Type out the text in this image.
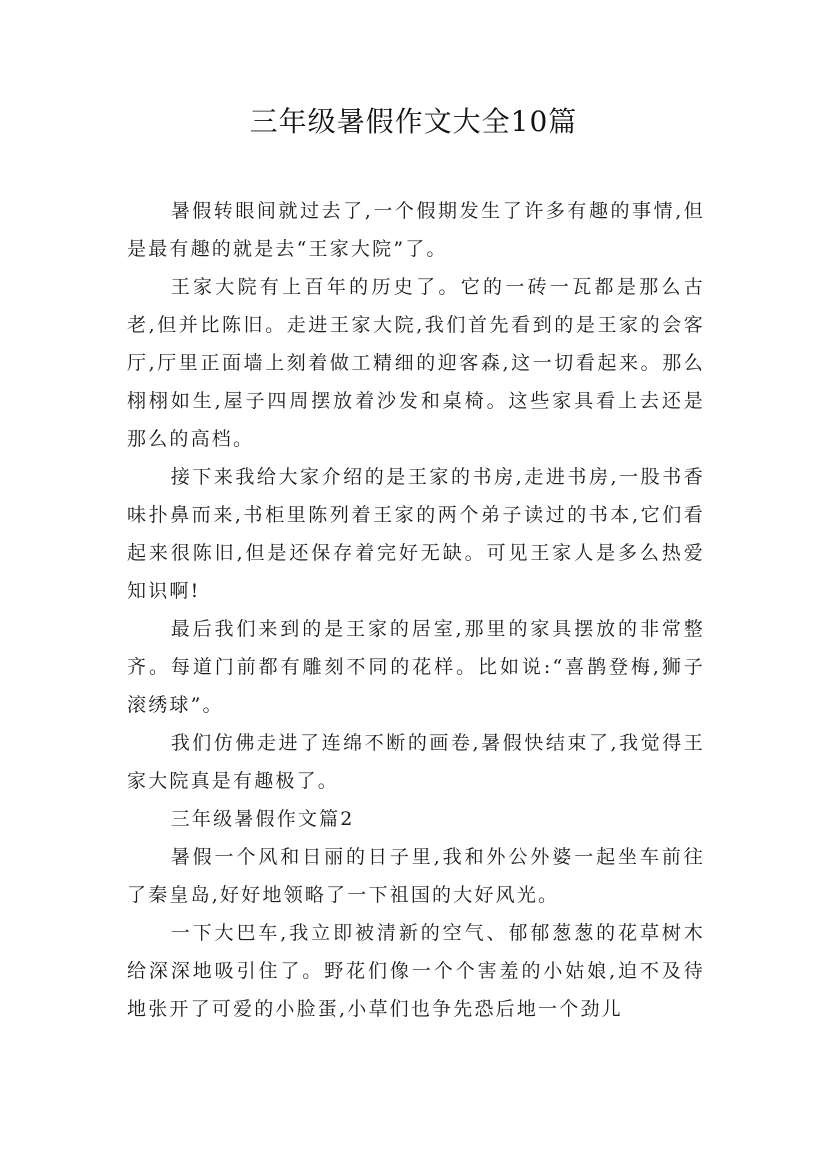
三年级暑假作文大全10篇

暑假转眼间就过去了,一个假期发生了许多有趣的事情,但是最有趣的就是去“王家大院”了。

王家大院有上百年的历史了。它的一砖一瓦都是那么古老,但并比陈旧。走进王家大院,我们首先看到的是王家的会客厅,厅里正面墙上刻着做工精细的迎客森,这一切看起来。那么栩栩如生,屋子四周摆放着沙发和桌椅。这些家具看上去还是那么的高档。

接下来我给大家介绍的是王家的书房,走进书房,一股书香味扑鼻而来,书柜里陈列着王家的两个弟子读过的书本,它们看起来很陈旧,但是还保存着完好无缺。可见王家人是多么热爱知识啊!

最后我们来到的是王家的居室,那里的家具摆放的非常整齐。每道门前都有雕刻不同的花样。比如说:“喜鹊登梅,狮子滚绣球”。

我们仿佛走进了连绵不断的画卷,暑假快结束了,我觉得王家大院真是有趣极了。

三年级暑假作文篇2

暑假一个风和日丽的日子里,我和外公外婆一起坐车前往了秦皇岛,好好地领略了一下祖国的大好风光。

一下大巴车,我立即被清新的空气、郁郁葱葱的花草树木给深深地吸引住了。野花们像一个个害羞的小姑娘,迫不及待地张开了可爱的小脸蛋,小草们也争先恐后地一个劲儿
